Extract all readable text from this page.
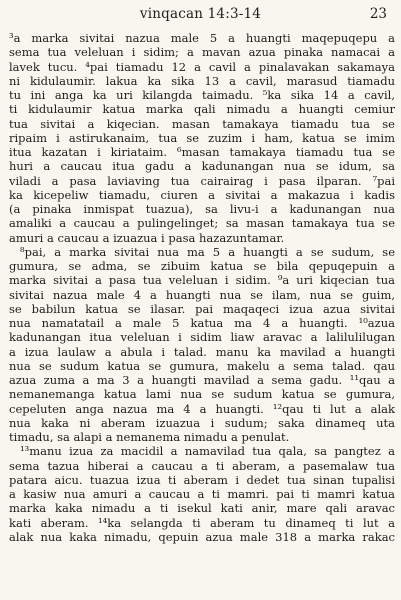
vinqacan 14:3-14	23
³a marka sivitai nazua male 5 a huangti maqepuqepu a
sema tua veleluan i sidim; a mavan azua pinaka namacai a
lavek tucu. ⁴pai tiamadu 12 a cavil a pinalavakan sakamaya
ni kidulaumir. lakua ka sika 13 a cavil, marasud tiamadu
tu ini anga ka uri kilangda taimadu. ⁵ka sika 14 a cavil,
ti kidulaumir katua marka qali nimadu a huangti cemiur
tua sivitai a kiqecian. masan tamakaya tiamadu tua se
ripaim i astirukanaim, tua se zuzim i ham, katua se imim
itua kazatan i kiriataim. ⁶masan tamakaya tiamadu tua se
huri a caucau itua gadu a kadunangan nua se idum, sa
viladi a pasa laviaving tua cairairag i pasa ilparan. ⁷pai
ka kicepeliw tiamadu, ciuren a sivitai a makazua i kadis
(a pinaka inmispat tuazua), sa livu-i a kadunangan nua
amaliki a caucau a pulingelinget; sa masan tamakaya tua se
amuri a caucau a izuazua i pasa hazazuntamar.
⁸pai, a marka sivitai nua ma 5 a huangti a se sudum, se
gumura, se adma, se zibuim katua se bila qepuqepuin a
marka sivitai a pasa tua veleluan i sidim. ⁹a uri kiqecian tua
sivitai nazua male 4 a huangti nua se ilam, nua se guim,
se babilun katua se ilasar. pai maqaqeci izua azua sivitai
nua namatatail a male 5 katua ma 4 a huangti. ¹⁰azua
kadunangan itua veleluan i sidim liaw aravac a lalilulilugan
a izua laulaw a abula i talad. manu ka mavilad a huangti
nua se sudum katua se gumura, makelu a sema talad. qau
azua zuma a ma 3 a huangti mavilad a sema gadu. ¹¹qau a
nemanemanga katua lami nua se sudum katua se gumura,
cepeluten anga nazua ma 4 a huangti. ¹²qau ti lut a alak
nua kaka ni aberam izuazua i sudum; saka dinameq uta
timadu, sa alapi a nemanema nimadu a penulat.
¹³manu izua za macidil a namavilad tua qala, sa pangtez a
sema tazua hiberai a caucau a ti aberam, a pasemalaw tua
patara aicu. tuazua izua ti aberam i dedet tua sinan tupalisi
a kasiw nua amuri a caucau a ti mamri. pai ti mamri katua
marka kaka nimadu a ti isekul kati anir, mare qali aravac
kati aberam. ¹⁴ka selangda ti aberam tu dinameq ti lut a
alak nua kaka nimadu, qepuin azua male 318 a marka rakac
